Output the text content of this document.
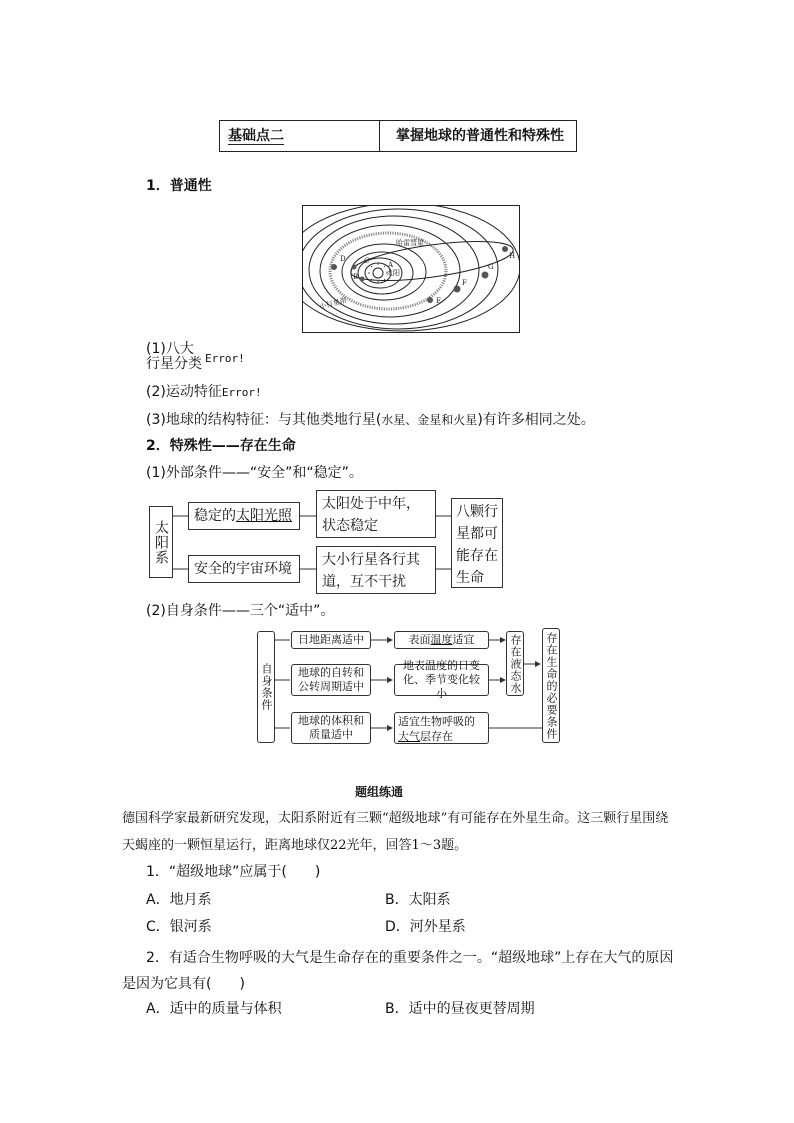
基础点二	掌握地球的普通性和特殊性
1．普通性
太阳
A
哈雷彗星
小行星带
B
D
E
F
G
H
C
(1)八大
行星分类 Error!
(2)运动特征Error!
(3)地球的结构特征：与其他类地行星(水星、金星和火星)有许多相同之处。
2．特殊性——存在生命
(1)外部条件——“安全”和“稳定”。
太阳系
稳定的太阳光照
安全的宇宙环境
太阳处于中年，状态稳定
大小行星各行其道，互不干扰
八颗行星都可能存在生命
(2)自身条件——三个“适中”。
自身条件
日地距离适中	表面 温度 适宜
地球的自转和公转周期适中
地表温度的日变化、季节变化较小	存在液态水
地球的体积和质量适中
适宜生物呼吸的大气层存在	存在生命的必要条件
题组练通
德国科学家最新研究发现，太阳系附近有三颗“超级地球”有可能存在外星生命。这三颗行星围绕天蝎座的一颗恒星运行，距离地球仅22光年，回答1～3题。
1．“超级地球”应属于(　　)
A．地月系	B．太阳系
C．银河系	D．河外星系
2．有适合生物呼吸的大气是生命存在的重要条件之一。“超级地球”上存在大气的原因是因为它具有(　　)
A．适中的质量与体积	B．适中的昼夜更替周期
